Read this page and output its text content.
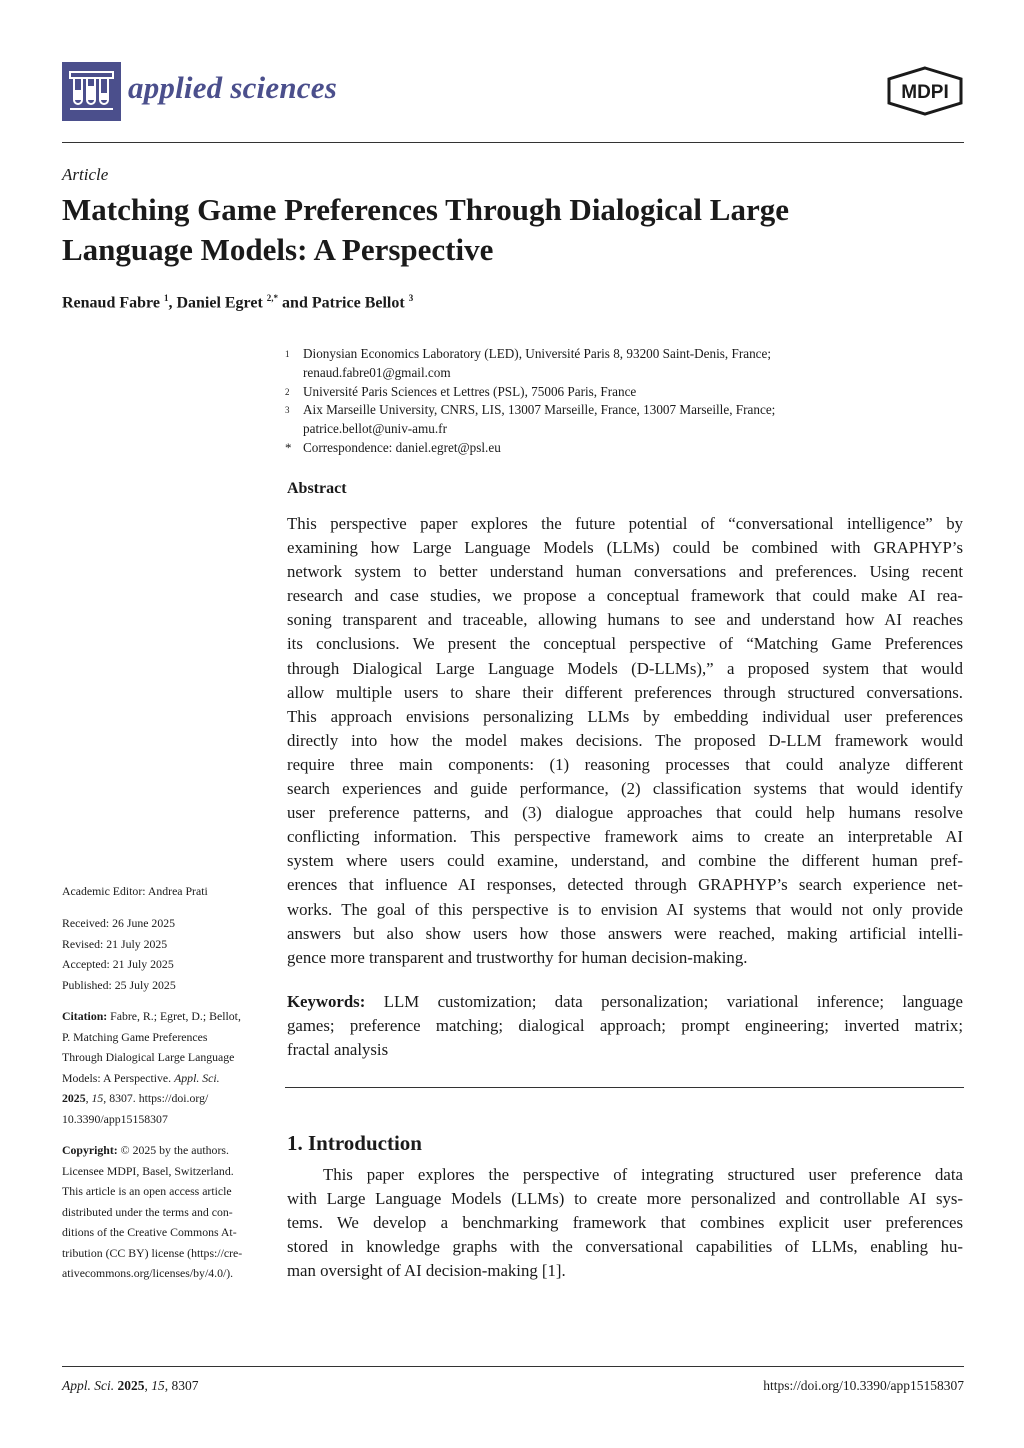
applied sciences	MDPI
Article
Matching Game Preferences Through Dialogical Large
Language Models: A Perspective
Renaud Fabre $^1$, Daniel Egret $^{2,*}$ and Patrice Bellot $^3$
1 Dionysian Economics Laboratory (LED), Université Paris 8, 93200 Saint-Denis, France;
renaud.fabre01@gmail.com
2 Université Paris Sciences et Lettres (PSL), 75006 Paris, France
3 Aix Marseille University, CNRS, LIS, 13007 Marseille, France, 13007 Marseille, France;
patrice.bellot@univ-amu.fr
* Correspondence: daniel.egret@psl.eu
Abstract
This perspective paper explores the future potential of “conversational intelligence” by
examining how Large Language Models (LLMs) could be combined with GRAPHYP’s
network system to better understand human conversations and preferences. Using recent
research and case studies, we propose a conceptual framework that could make AI rea-
soning transparent and traceable, allowing humans to see and understand how AI reaches
its conclusions. We present the conceptual perspective of “Matching Game Preferences
through Dialogical Large Language Models (D-LLMs),” a proposed system that would
allow multiple users to share their different preferences through structured conversations.
This approach envisions personalizing LLMs by embedding individual user preferences
directly into how the model makes decisions. The proposed D-LLM framework would
require three main components: (1) reasoning processes that could analyze different
search experiences and guide performance, (2) classification systems that would identify
user preference patterns, and (3) dialogue approaches that could help humans resolve
conflicting information. This perspective framework aims to create an interpretable AI
system where users could examine, understand, and combine the different human pref-
erences that influence AI responses, detected through GRAPHYP’s search experience net-
works. The goal of this perspective is to envision AI systems that would not only provide
answers but also show users how those answers were reached, making artificial intelli-
gence more transparent and trustworthy for human decision-making.
Keywords: LLM customization; data personalization; variational inference; language
games; preference matching; dialogical approach; prompt engineering; inverted matrix;
fractal analysis
1. Introduction
This paper explores the perspective of integrating structured user preference data
with Large Language Models (LLMs) to create more personalized and controllable AI sys-
tems. We develop a benchmarking framework that combines explicit user preferences
stored in knowledge graphs with the conversational capabilities of LLMs, enabling hu-
man oversight of AI decision-making [1].
Academic Editor: Andrea Prati
Received: 26 June 2025
Revised: 21 July 2025
Accepted: 21 July 2025
Published: 25 July 2025
Citation: Fabre, R.; Egret, D.; Bellot,
P. Matching Game Preferences
Through Dialogical Large Language
Models: A Perspective. Appl. Sci.
2025, 15, 8307. https://doi.org/
10.3390/app15158307
Copyright: © 2025 by the authors.
Licensee MDPI, Basel, Switzerland.
This article is an open access article
distributed under the terms and con-
ditions of the Creative Commons At-
tribution (CC BY) license (https://cre-
ativecommons.org/licenses/by/4.0/).
Appl. Sci. 2025, 15, 8307	https://doi.org/10.3390/app15158307
